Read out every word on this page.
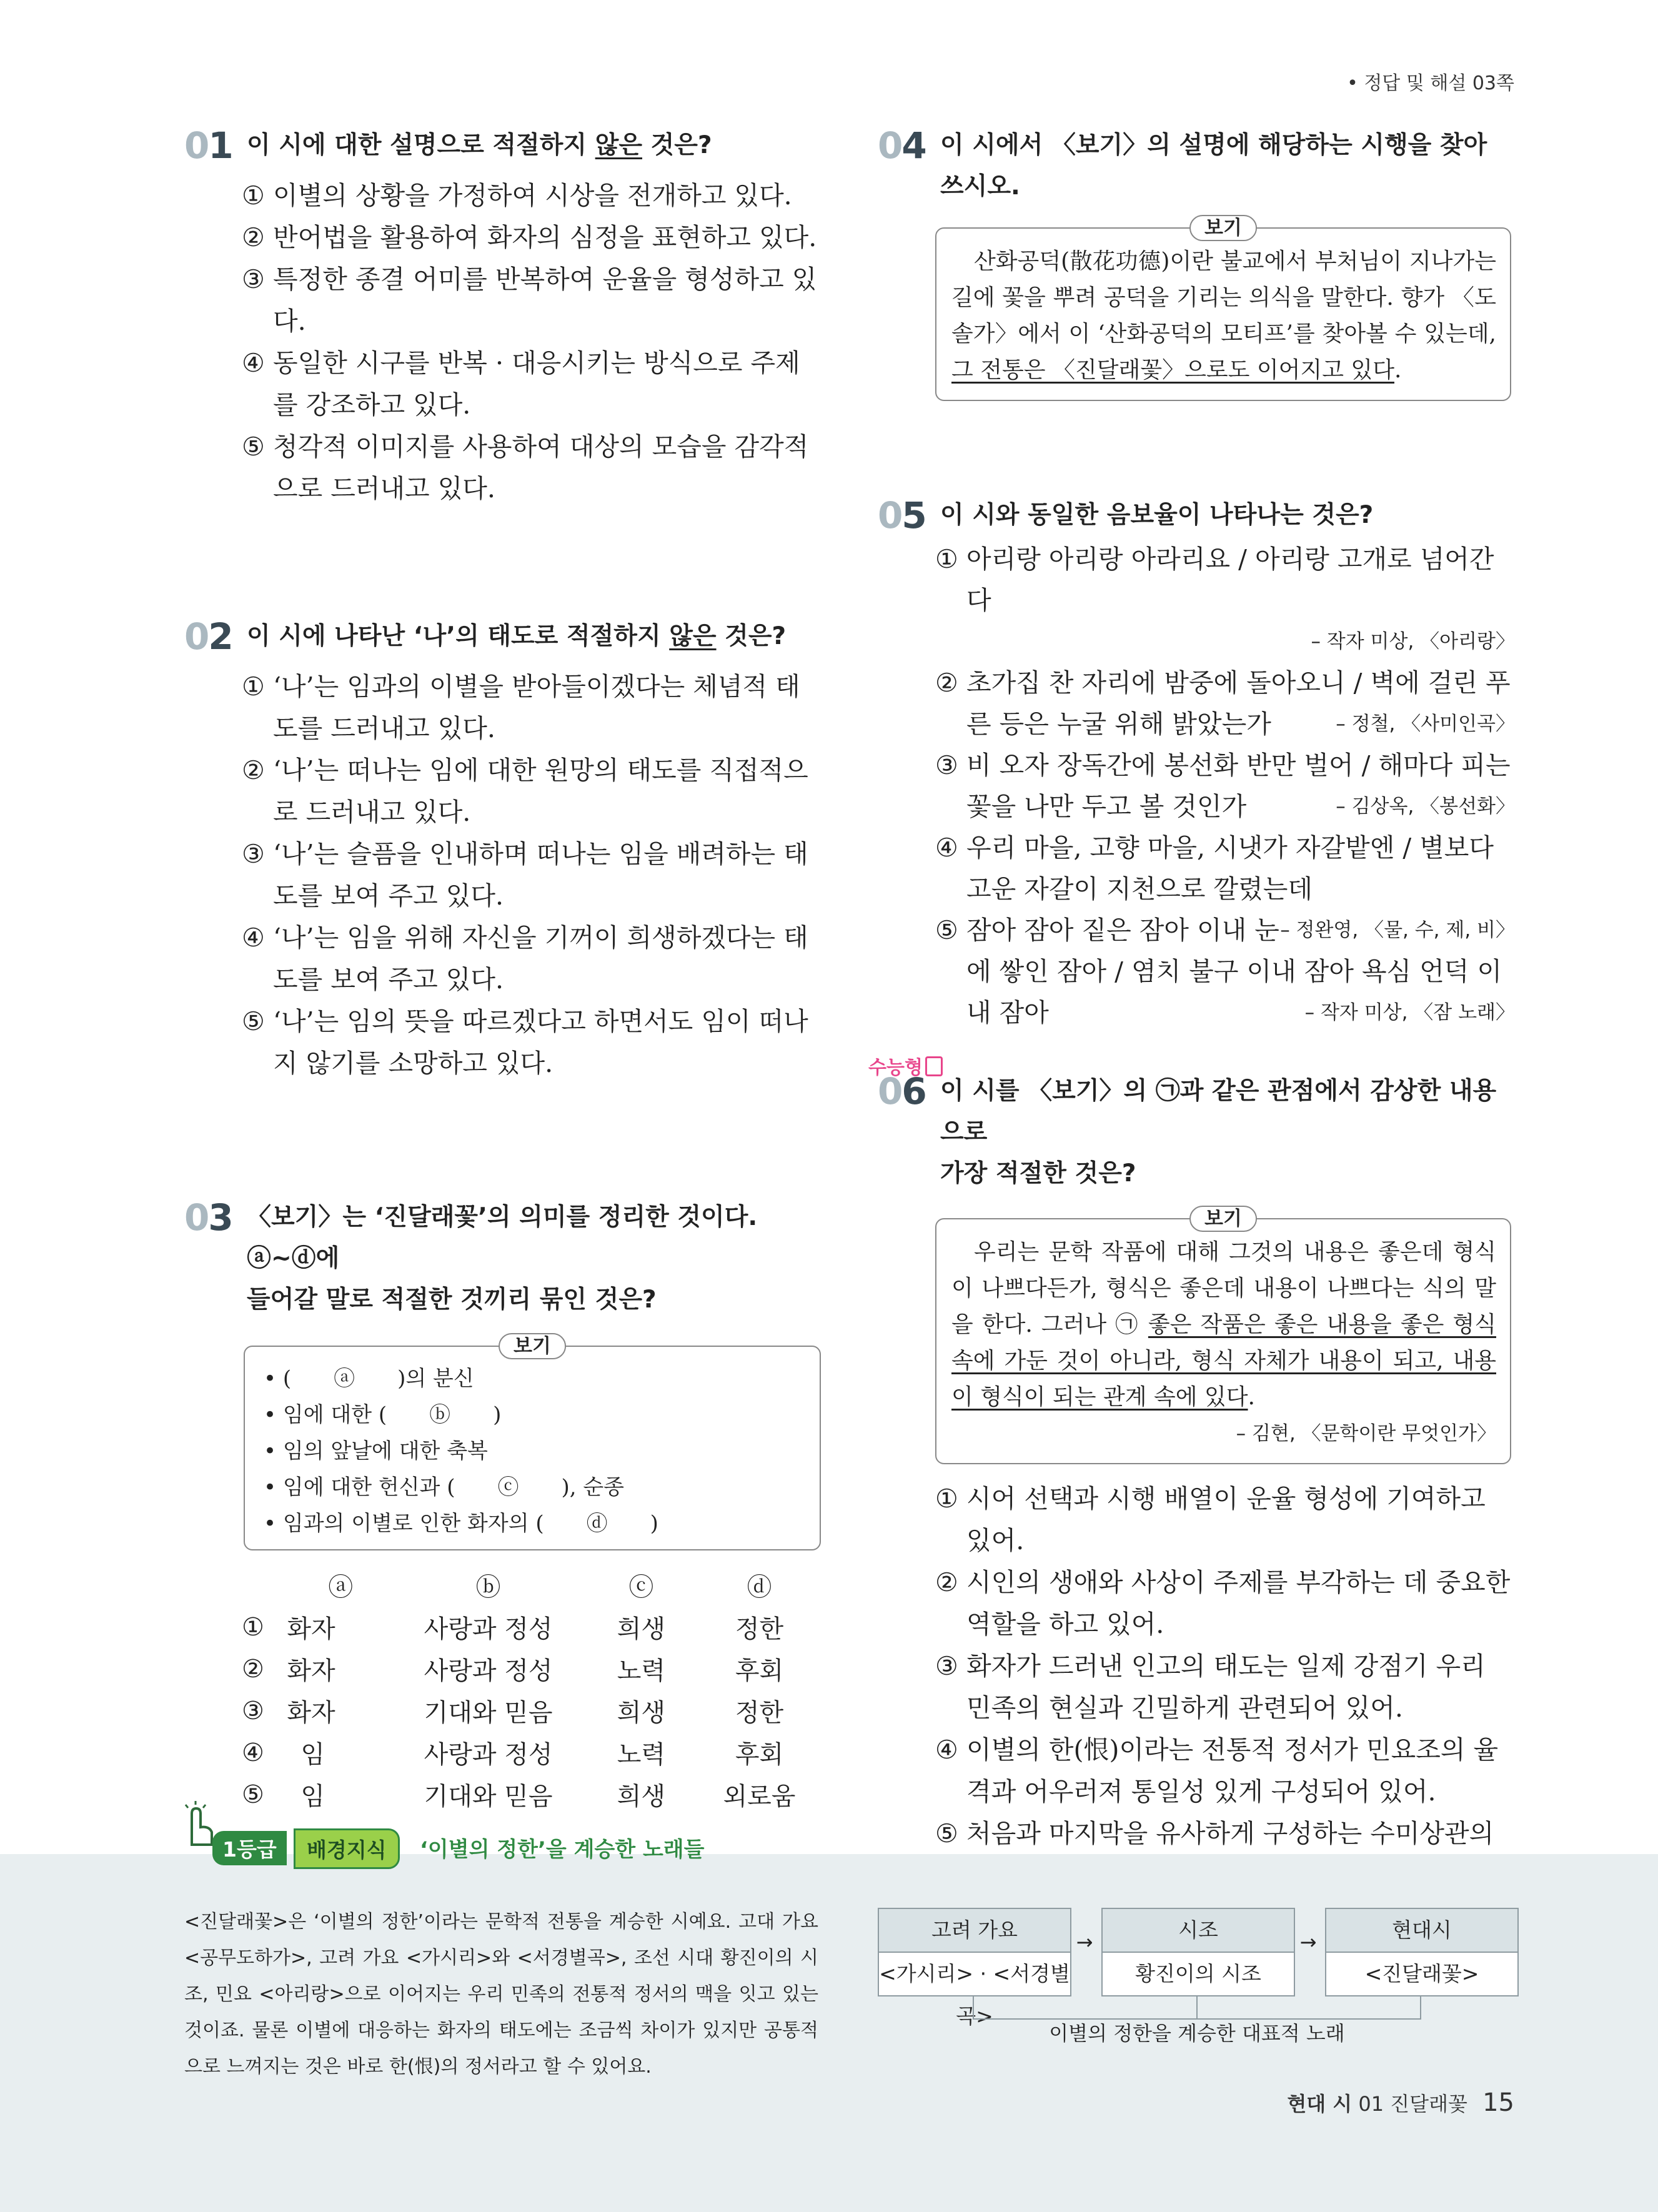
• 정답 및 해설 03쪽
01 이 시에 대한 설명으로 적절하지 않은 것은?
① 이별의 상황을 가정하여 시상을 전개하고 있다.
② 반어법을 활용하여 화자의 심정을 표현하고 있다.
③ 특정한 종결 어미를 반복하여 운율을 형성하고 있다.
④ 동일한 시구를 반복 · 대응시키는 방식으로 주제를 강조하고 있다.
⑤ 청각적 이미지를 사용하여 대상의 모습을 감각적으로 드러내고 있다.
02 이 시에 나타난 ‘나’의 태도로 적절하지 않은 것은?
① ‘나’는 임과의 이별을 받아들이겠다는 체념적 태도를 드러내고 있다.
② ‘나’는 떠나는 임에 대한 원망의 태도를 직접적으로 드러내고 있다.
③ ‘나’는 슬픔을 인내하며 떠나는 임을 배려하는 태도를 보여 주고 있다.
④ ‘나’는 임을 위해 자신을 기꺼이 희생하겠다는 태도를 보여 주고 있다.
⑤ ‘나’는 임의 뜻을 따르겠다고 하면서도 임이 떠나지 않기를 소망하고 있다.
03 〈보기〉는 ‘진달래꽃’의 의미를 정리한 것이다. ⓐ~ⓓ에
들어갈 말로 적절한 것끼리 묶인 것은?
보기
• (　　ⓐ　　)의 분신
• 임에 대한 (　　ⓑ　　)
• 임의 앞날에 대한 축복
• 임에 대한 헌신과 (　　ⓒ　　), 순종
• 임과의 이별로 인한 화자의 (　　ⓓ　　)
	ⓐ	ⓑ	ⓒ	ⓓ
①	화자	사랑과 정성	희생	정한
②	화자	사랑과 정성	노력	후회
③	화자	기대와 믿음	희생	정한
④	임	사랑과 정성	노력	후회
⑤	임	기대와 믿음	희생	외로움
04 이 시에서 〈보기〉의 설명에 해당하는 시행을 찾아 쓰시오.
보기
산화공덕(散花功德)이란 불교에서 부처님이 지나가는 길에 꽃을 뿌려 공덕을 기리는 의식을 말한다. 향가 〈도솔가〉에서 이 ‘산화공덕의 모티프’를 찾아볼 수 있는데, 그 전통은 〈진달래꽃〉으로도 이어지고 있다.
05 이 시와 동일한 음보율이 나타나는 것은?
① 아리랑 아리랑 아라리요 / 아리랑 고개로 넘어간다
– 작자 미상, 〈아리랑〉
② 초가집 찬 자리에 밤중에 돌아오니 / 벽에 걸린 푸른 등은 누굴 위해 밝았는가	– 정철, 〈사미인곡〉
③ 비 오자 장독간에 봉선화 반만 벌어 / 해마다 피는 꽃을 나만 두고 볼 것인가	– 김상옥, 〈봉선화〉
④ 우리 마을, 고향 마을, 시냇가 자갈밭엔 / 별보다 고운 자갈이 지천으로 깔렸는데
– 정완영, 〈물, 수, 제, 비〉
⑤ 잠아 잠아 짙은 잠아 이내 눈에 쌓인 잠아 / 염치 불구 이내 잠아 욕심 언덕 이내 잠아	– 작자 미상, 〈잠 노래〉
수능형
06 이 시를 〈보기〉의 ㉠과 같은 관점에서 감상한 내용으로
가장 적절한 것은?
보기
우리는 문학 작품에 대해 그것의 내용은 좋은데 형식이 나쁘다든가, 형식은 좋은데 내용이 나쁘다는 식의 말을 한다. 그러나 ㉠ 좋은 작품은 좋은 내용을 좋은 형식 속에 가둔 것이 아니라, 형식 자체가 내용이 되고, 내용이 형식이 되는 관계 속에 있다.
– 김현, 〈문학이란 무엇인가〉
① 시어 선택과 시행 배열이 운율 형성에 기여하고 있어.
② 시인의 생애와 사상이 주제를 부각하는 데 중요한 역할을 하고 있어.
③ 화자가 드러낸 인고의 태도는 일제 강점기 우리 민족의 현실과 긴밀하게 관련되어 있어.
④ 이별의 한(恨)이라는 전통적 정서가 민요조의 율격과 어우러져 통일성 있게 구성되어 있어.
⑤ 처음과 마지막을 유사하게 구성하는 수미상관의
1등급	배경지식	‘이별의 정한’을 계승한 노래들
<진달래꽃>은 ‘이별의 정한’이라는 문학적 전통을 계승한 시예요. 고대 가요 <공무도하가>, 고려 가요 <가시리>와 <서경별곡>, 조선 시대 황진이의 시조, 민요 <아리랑>으로 이어지는 우리 민족의 전통적 정서의 맥을 잇고 있는 것이죠. 물론 이별에 대응하는 화자의 태도에는 조금씩 차이가 있지만 공통적으로 느껴지는 것은 바로 한(恨)의 정서라고 할 수 있어요.
고려 가요
<가시리> · <서경별곡>
→	시조
황진이의 시조
→	현대시
<진달래꽃>
이별의 정한을 계승한 대표적 노래
현대 시 01 진달래꽃 15
